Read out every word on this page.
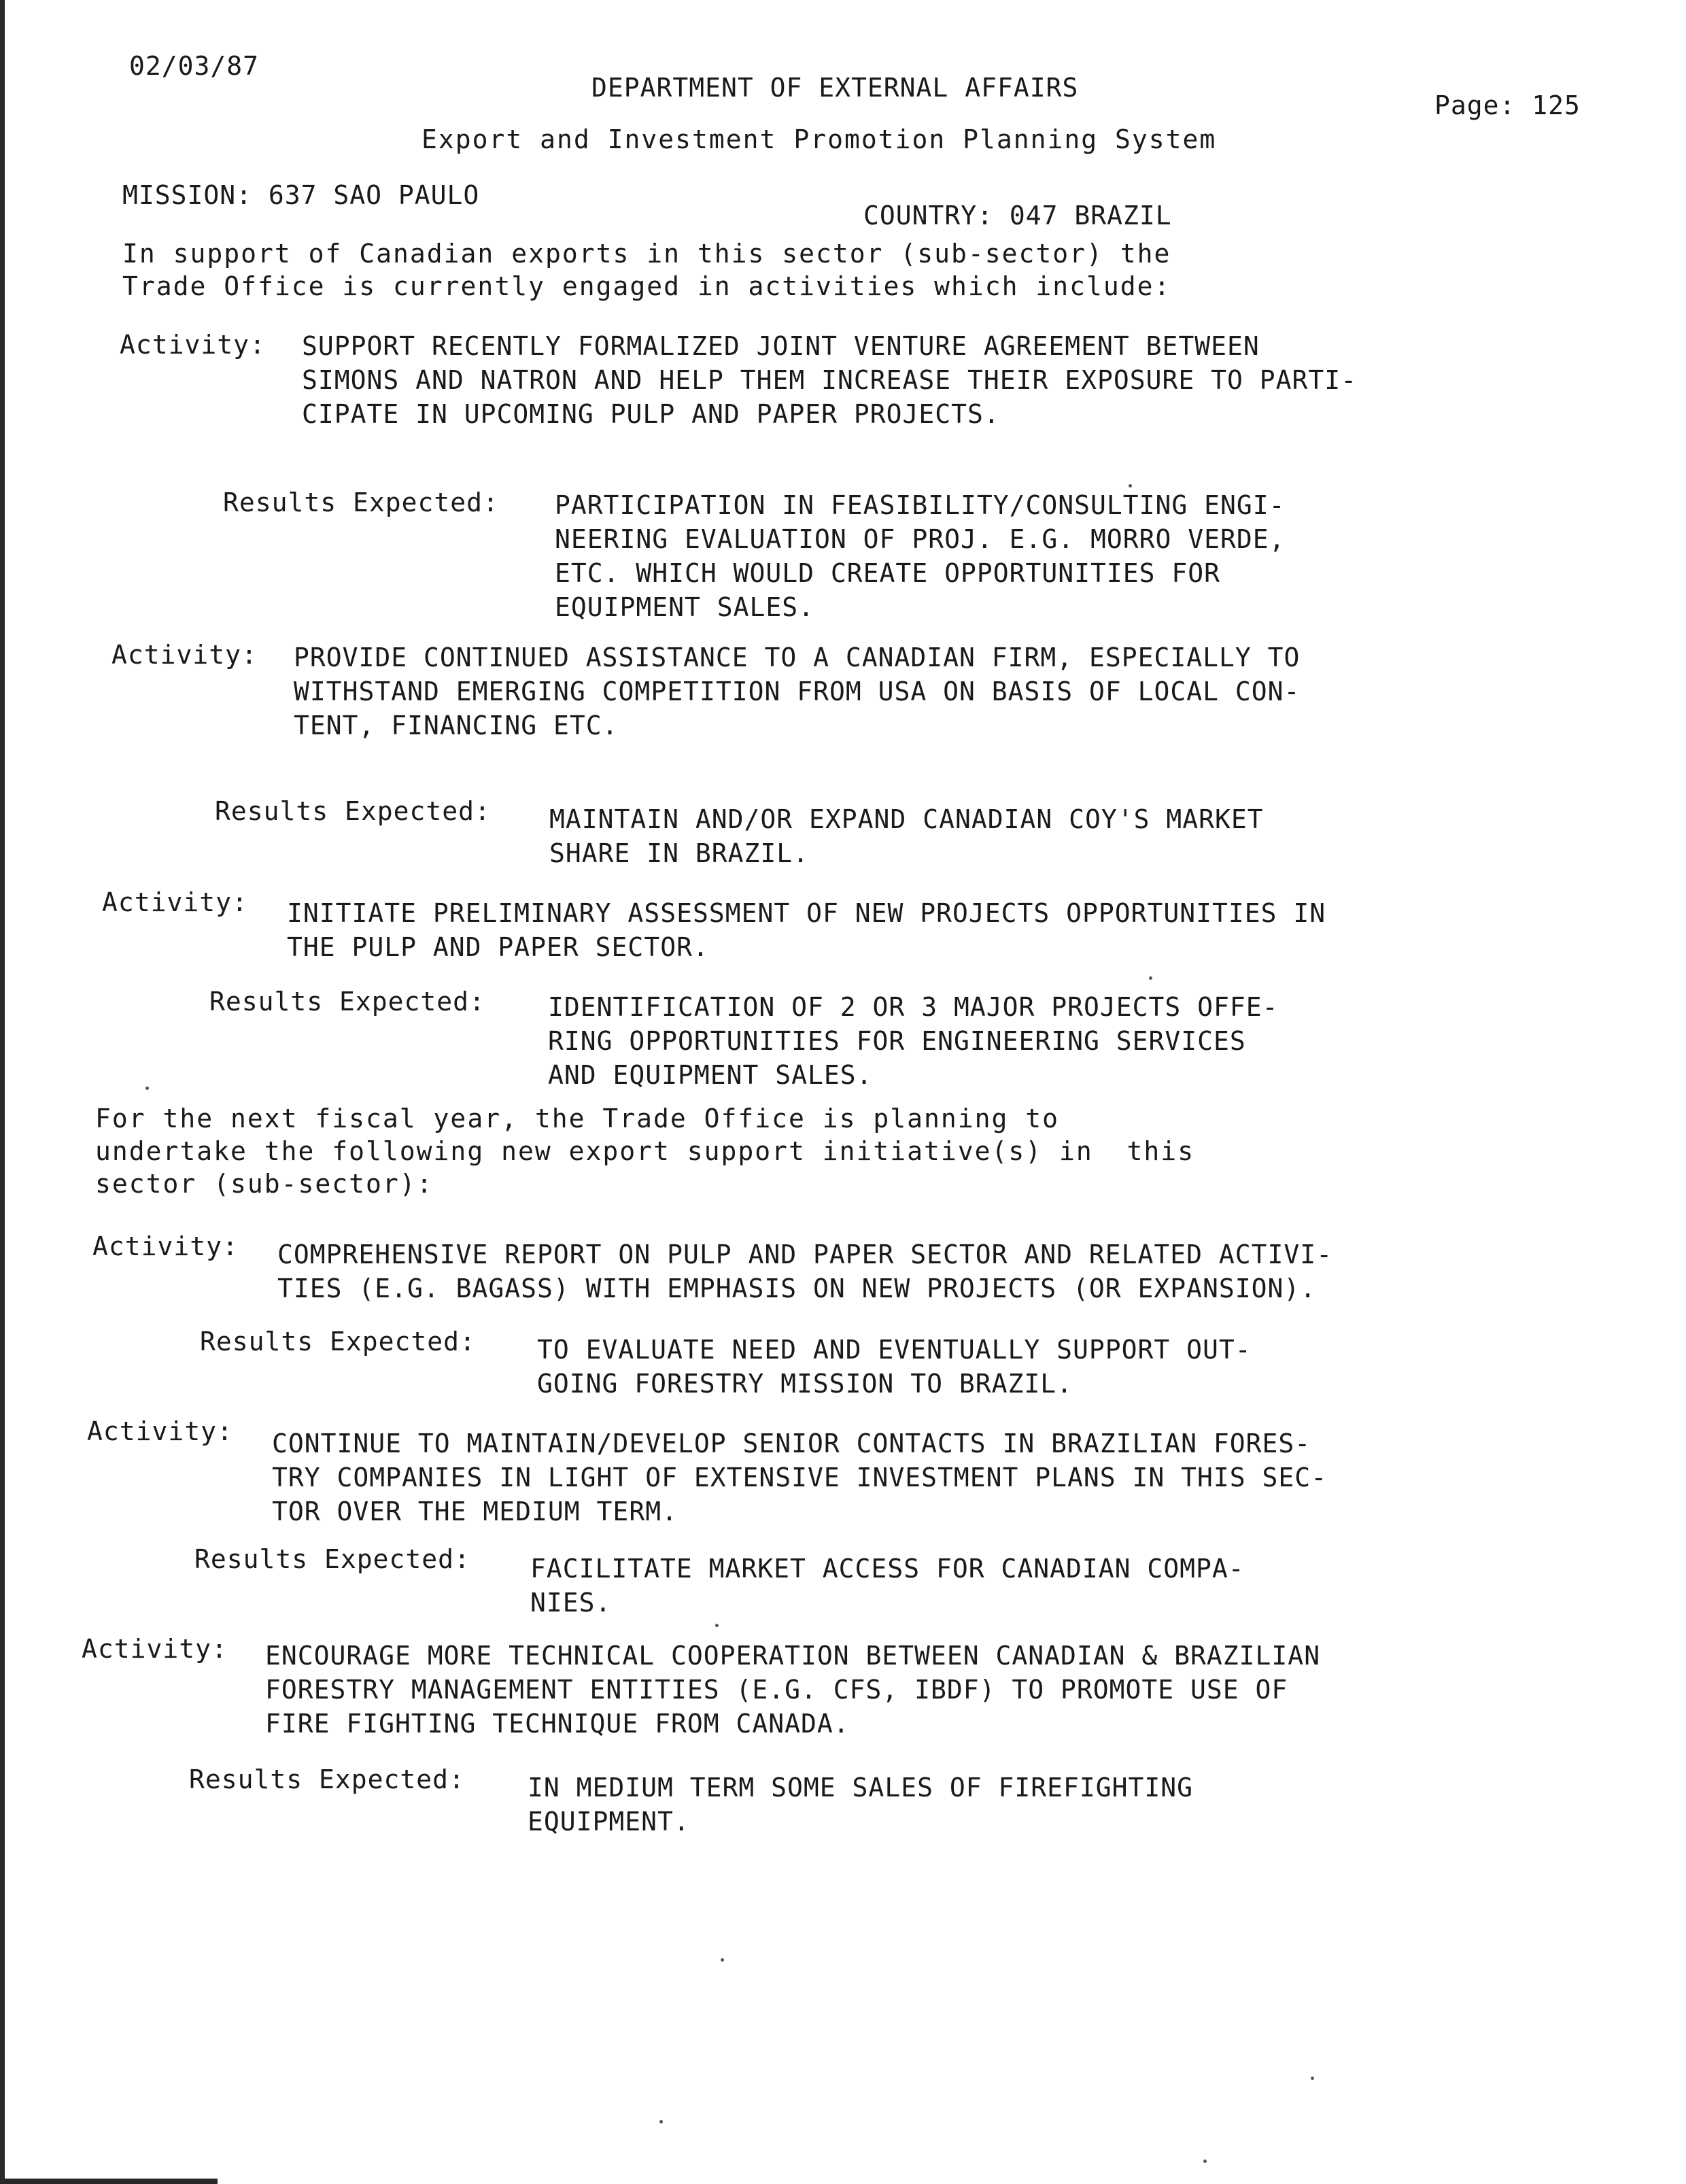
02/03/87
DEPARTMENT OF EXTERNAL AFFAIRS
Page: 125
Export and Investment Promotion Planning System
MISSION: 637 SAO PAULO
COUNTRY: 047 BRAZIL
In support of Canadian exports in this sector (sub-sector) the
Trade Office is currently engaged in activities which include:
Activity: SUPPORT RECENTLY FORMALIZED JOINT VENTURE AGREEMENT BETWEEN
SIMONS AND NATRON AND HELP THEM INCREASE THEIR EXPOSURE TO PARTI-
CIPATE IN UPCOMING PULP AND PAPER PROJECTS.
Results Expected: PARTICIPATION IN FEASIBILITY/CONSULTING ENGI-
NEERING EVALUATION OF PROJ. E.G. MORRO VERDE,
ETC. WHICH WOULD CREATE OPPORTUNITIES FOR
EQUIPMENT SALES.
Activity: PROVIDE CONTINUED ASSISTANCE TO A CANADIAN FIRM, ESPECIALLY TO
WITHSTAND EMERGING COMPETITION FROM USA ON BASIS OF LOCAL CON-
TENT, FINANCING ETC.
Results Expected: MAINTAIN AND/OR EXPAND CANADIAN COY'S MARKET
SHARE IN BRAZIL.
Activity: INITIATE PRELIMINARY ASSESSMENT OF NEW PROJECTS OPPORTUNITIES IN
THE PULP AND PAPER SECTOR.
Results Expected: IDENTIFICATION OF 2 OR 3 MAJOR PROJECTS OFFE-
RING OPPORTUNITIES FOR ENGINEERING SERVICES
AND EQUIPMENT SALES.
For the next fiscal year, the Trade Office is planning to
undertake the following new export support initiative(s) in  this
sector (sub-sector):
Activity: COMPREHENSIVE REPORT ON PULP AND PAPER SECTOR AND RELATED ACTIVI-
TIES (E.G. BAGASS) WITH EMPHASIS ON NEW PROJECTS (OR EXPANSION).
Results Expected: TO EVALUATE NEED AND EVENTUALLY SUPPORT OUT-
GOING FORESTRY MISSION TO BRAZIL.
Activity: CONTINUE TO MAINTAIN/DEVELOP SENIOR CONTACTS IN BRAZILIAN FORES-
TRY COMPANIES IN LIGHT OF EXTENSIVE INVESTMENT PLANS IN THIS SEC-
TOR OVER THE MEDIUM TERM.
Results Expected: FACILITATE MARKET ACCESS FOR CANADIAN COMPA-
NIES.
Activity: ENCOURAGE MORE TECHNICAL COOPERATION BETWEEN CANADIAN & BRAZILIAN
FORESTRY MANAGEMENT ENTITIES (E.G. CFS, IBDF) TO PROMOTE USE OF
FIRE FIGHTING TECHNIQUE FROM CANADA.
Results Expected: IN MEDIUM TERM SOME SALES OF FIREFIGHTING
EQUIPMENT.
